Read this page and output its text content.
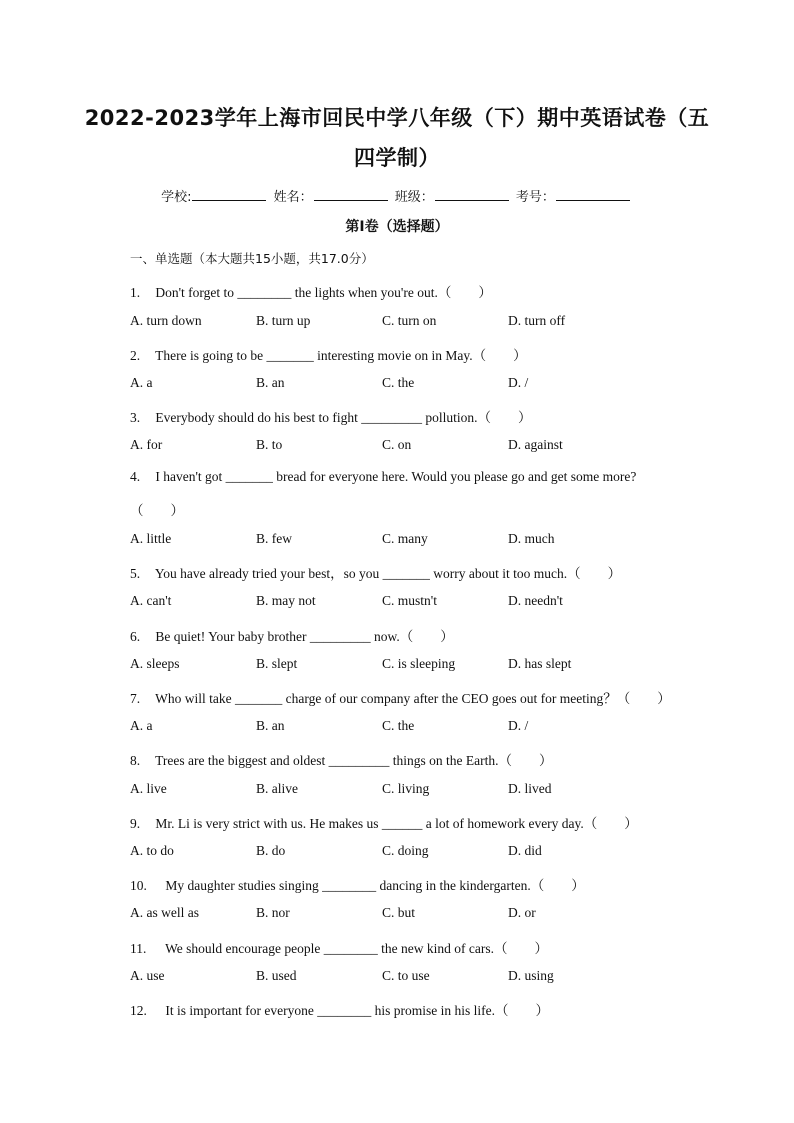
2022-2023学年上海市回民中学八年级（下）期中英语试卷（五
四学制）
学校:	姓名：	班级：	考号：
第I卷（选择题）
一、单选题（本大题共15小题，共17.0分）
1. Don't forget to ________ the lights when you're out.（　　）
A. turn down	B. turn up	C. turn on	D. turn off
2. There is going to be _______ interesting movie on in May.（　　）
A. a	B. an	C. the	D. /
3. Everybody should do his best to fight _________ pollution.（　　）
A. for	B. to	C. on	D. against
4. I haven't got _______ bread for everyone here. Would you please go and get some more?
（　　）
A. little	B. few	C. many	D. much
5. You have already tried your best，so you _______ worry about it too much.（　　）
A. can't	B. may not	C. mustn't	D. needn't
6. Be quiet! Your baby brother _________ now.（　　）
A. sleeps	B. slept	C. is sleeping	D. has slept
7. Who will take _______ charge of our company after the CEO goes out for meeting？（　　）
A. a	B. an	C. the	D. /
8. Trees are the biggest and oldest _________ things on the Earth.（　　）
A. live	B. alive	C. living	D. lived
9. Mr. Li is very strict with us. He makes us ______ a lot of homework every day.（　　）
A. to do	B. do	C. doing	D. did
10. My daughter studies singing ________ dancing in the kindergarten.（　　）
A. as well as	B. nor	C. but	D. or
11. We should encourage people ________ the new kind of cars.（　　）
A. use	B. used	C. to use	D. using
12. It is important for everyone ________ his promise in his life.（　　）
